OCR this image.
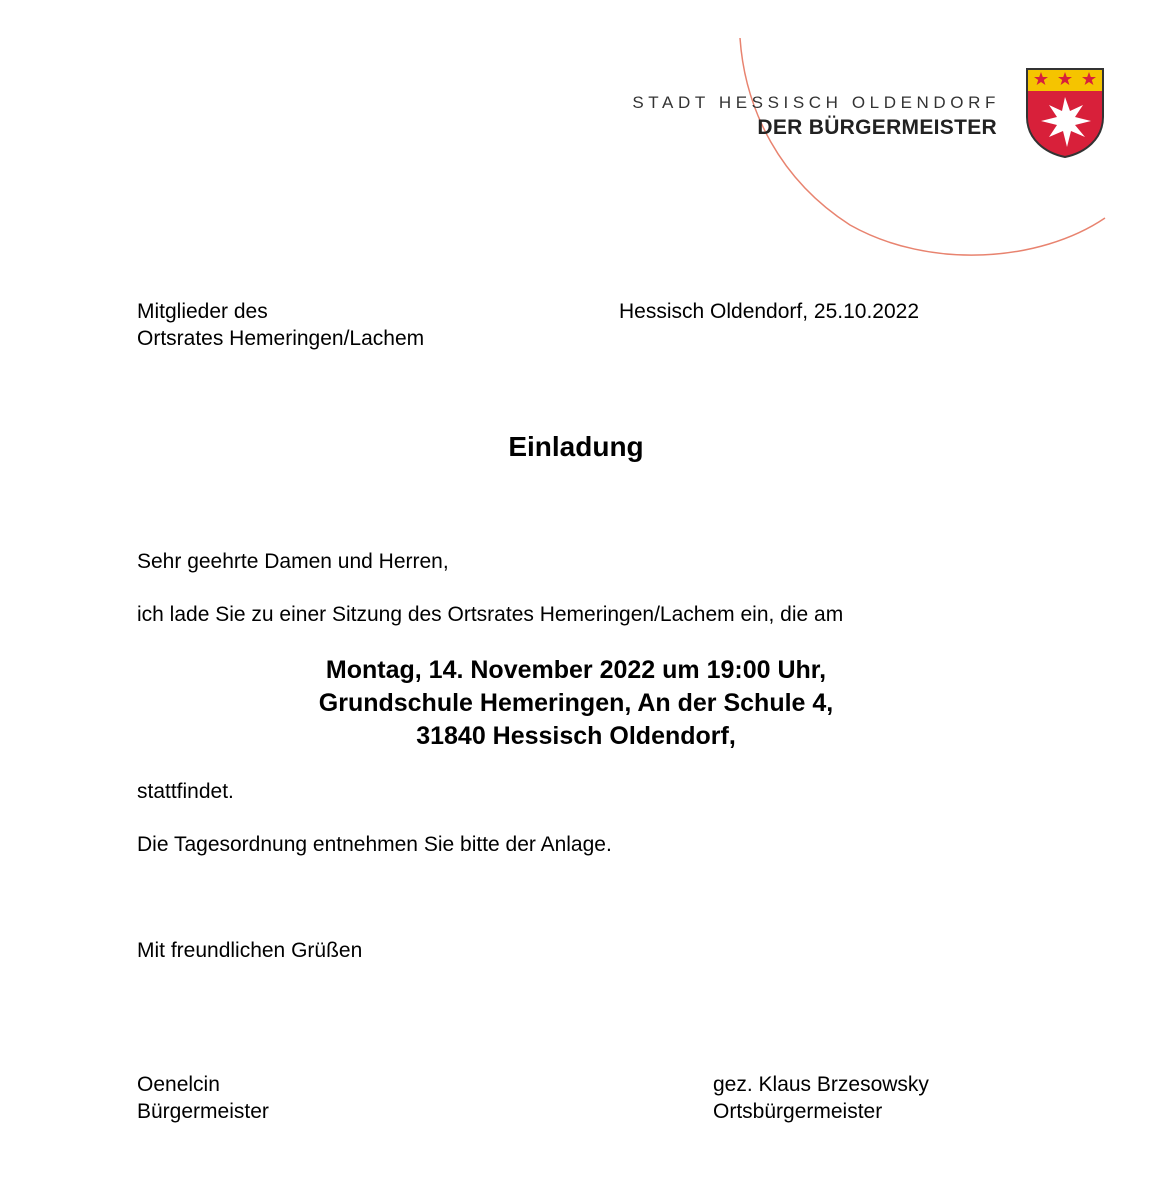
STADT HESSISCH OLDENDORF
DER BÜRGERMEISTER
Mitglieder des
Ortsrates Hemeringen/Lachem
Hessisch Oldendorf, 25.10.2022
Einladung
Sehr geehrte Damen und Herren,
ich lade Sie zu einer Sitzung des Ortsrates Hemeringen/Lachem ein, die am
Montag, 14. November 2022 um 19:00 Uhr,
Grundschule Hemeringen, An der Schule 4,
31840 Hessisch Oldendorf,
stattfindet.
Die Tagesordnung entnehmen Sie bitte der Anlage.
Mit freundlichen Grüßen
Oenelcin
Bürgermeister
gez. Klaus Brzesowsky
Ortsbürgermeister
